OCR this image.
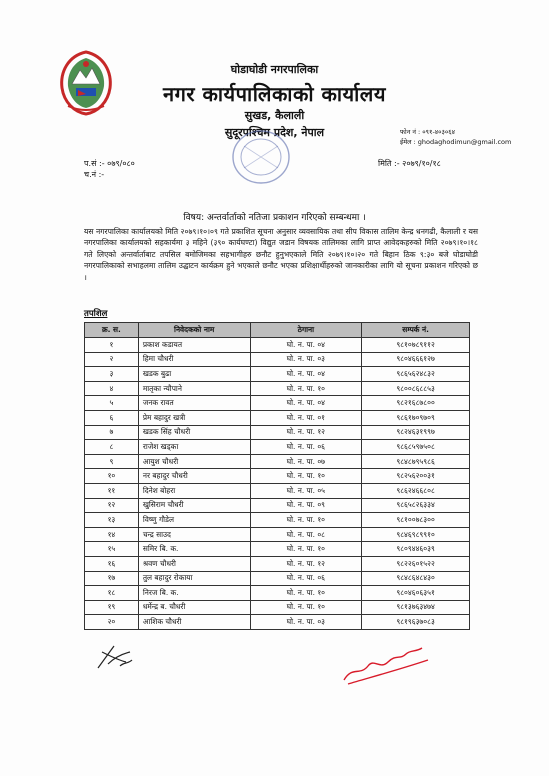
घोडाघोडी नगरपालिका
नगर कार्यपालिकाको कार्यालय
सुखड, कैलाली
सुदूरपश्चिम प्रदेश, नेपाल	फोन नं : ०९१-४०३०६४
ईमेल : ghodaghodimun@gmail.com
प.सं :- ०७९/०८०
च.नं :-
मिति :- २०७९/१०/१८
विषय: अन्तर्वार्ताको नतिजा प्रकाशन गरिएको सम्बन्धमा ।
यस नगरपालिका कार्यालयको मिति २०७९।१०।०९ गते प्रकाशित सूचना अनुसार व्यवसायिक तथा सीप विकास तालिम केन्द्र धनगढी, कैलाली र यस नगरपालिका कार्यालयको सहकार्यमा ३ महिने (३९० कार्यघण्टा) विद्युत जडान विषयक तालिमका लागि प्राप्त आवेदकहरुको मिति २०७९।१०।१८ गते लिएको अन्तर्वार्ताबाट तपसिल बमोजिमका सहभागीहरु छनौट हुनुभएकाले मिति २०७९।१०।२० गते बिहान ठिक ९:३० बजे घोडाघोडी नगरपालिकाको सभाहलमा तालिम उद्घाटन कार्यक्रम हुने भएकाले छनौट भएका प्रशिक्षार्थीहरुको जानकारीका लागि यो सूचना प्रकाशन गरिएको छ ।
तपशिल
क्र. स.	निवेदकको नाम	ठेगाना	सम्पर्क नं.
१	प्रकाश कडायत	घो. न. पा. ०४	९८१०७८९११२
२	हिमा चौधरी	घो. न. पा. ०३	९८०४६६६१२७
३	खडक बुढा	घो. न. पा. ०४	९८६५६२४८३२
४	मातृका न्यौपाने	घो. न. पा. १०	९८००८६८८५३
५	जनक रावत	घो. न. पा. ०४	९८२१६८७८००
६	प्रेम बहादुर खत्री	घो. न. पा. ०१	९८६१७०९७०९
७	खडक सिंह चौधरी	घो. न. पा. १२	९८२४६३१९९७
८	राजेश खड्का	घो. न. पा. ०६	९८६८५९७५०८
९	आयुश चौधरी	घो. न. पा. ०७	९८४८७९५९८६
१०	नर बहादुर चौधरी	घो. न. पा. १०	९८२५६२००३१
११	दिनेश बोहरा	घो. न. पा. ०५	९८६२४६६८०८
१२	खुसिराम चौधरी	घो. न. पा. ०९	९८६५८२६३३४
१३	विष्णु गौडेल	घो. न. पा. १०	९८१००७८३००
१४	चन्द्र साउद	घो. न. पा. ०८	९८४६९८९९१०
१५	समिर बि. क.	घो. न. पा. १०	९८०९४४६०३९
१६	श्रवण चौधरी	घो. न. पा. १२	९८२२६०१५२२
१७	तुल बहादुर रोकाया	घो. न. पा. ०६	९८४८६४८४३०
१८	निरज बि. क.	घो. न. पा. १०	९८०४६०६३५१
१९	धर्मेन्द्र ब. चौधरी	घो. न. पा. १०	९८१३७६३४७४
२०	आशिक चौधरी	घो. न. पा. ०३	९८१९६३७०८३
